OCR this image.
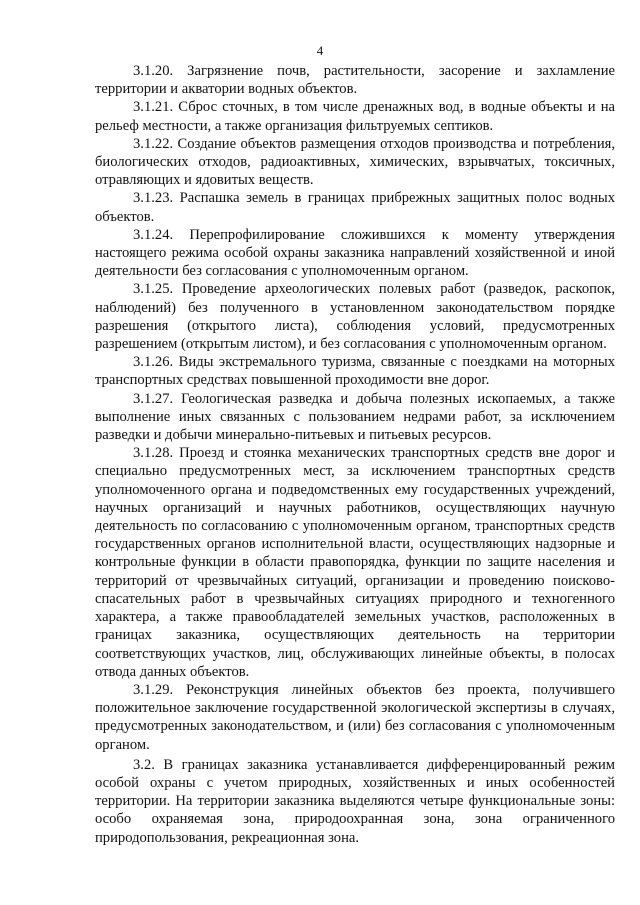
4

3.1.20. Загрязнение почв, растительности, засорение и захламление территории и акватории водных объектов.

3.1.21. Сброс сточных, в том числе дренажных вод, в водные объекты и на рельеф местности, а также организация фильтруемых септиков.

3.1.22. Создание объектов размещения отходов производства и потребления, биологических отходов, радиоактивных, химических, взрывчатых, токсичных, отравляющих и ядовитых веществ.

3.1.23. Распашка земель в границах прибрежных защитных полос водных объектов.

3.1.24. Перепрофилирование сложившихся к моменту утверждения настоящего режима особой охраны заказника направлений хозяйственной и иной деятельности без согласования с уполномоченным органом.

3.1.25. Проведение археологических полевых работ (разведок, раскопок, наблюдений) без полученного в установленном законодательством порядке разрешения (открытого листа), соблюдения условий, предусмотренных разрешением (открытым листом), и без согласования с уполномоченным органом.

3.1.26. Виды экстремального туризма, связанные с поездками на моторных транспортных средствах повышенной проходимости вне дорог.

3.1.27. Геологическая разведка и добыча полезных ископаемых, а также выполнение иных связанных с пользованием недрами работ, за исключением разведки и добычи минерально-питьевых и питьевых ресурсов.

3.1.28. Проезд и стоянка механических транспортных средств вне дорог и специально предусмотренных мест, за исключением транспортных средств уполномоченного органа и подведомственных ему государственных учреждений, научных организаций и научных работников, осуществляющих научную деятельность по согласованию с уполномоченным органом, транспортных средств государственных органов исполнительной власти, осуществляющих надзорные и контрольные функции в области правопорядка, функции по защите населения и территорий от чрезвычайных ситуаций, организации и проведению поисково-спасательных работ в чрезвычайных ситуациях природного и техногенного характера, а также правообладателей земельных участков, расположенных в границах заказника, осуществляющих деятельность на территории соответствующих участков, лиц, обслуживающих линейные объекты, в полосах отвода данных объектов.

3.1.29. Реконструкция линейных объектов без проекта, получившего положительное заключение государственной экологической экспертизы в случаях, предусмотренных законодательством, и (или) без согласования с уполномоченным органом.

3.2. В границах заказника устанавливается дифференцированный режим особой охраны с учетом природных, хозяйственных и иных особенностей территории. На территории заказника выделяются четыре функциональные зоны: особо охраняемая зона, природоохранная зона, зона ограниченного природопользования, рекреационная зона.
